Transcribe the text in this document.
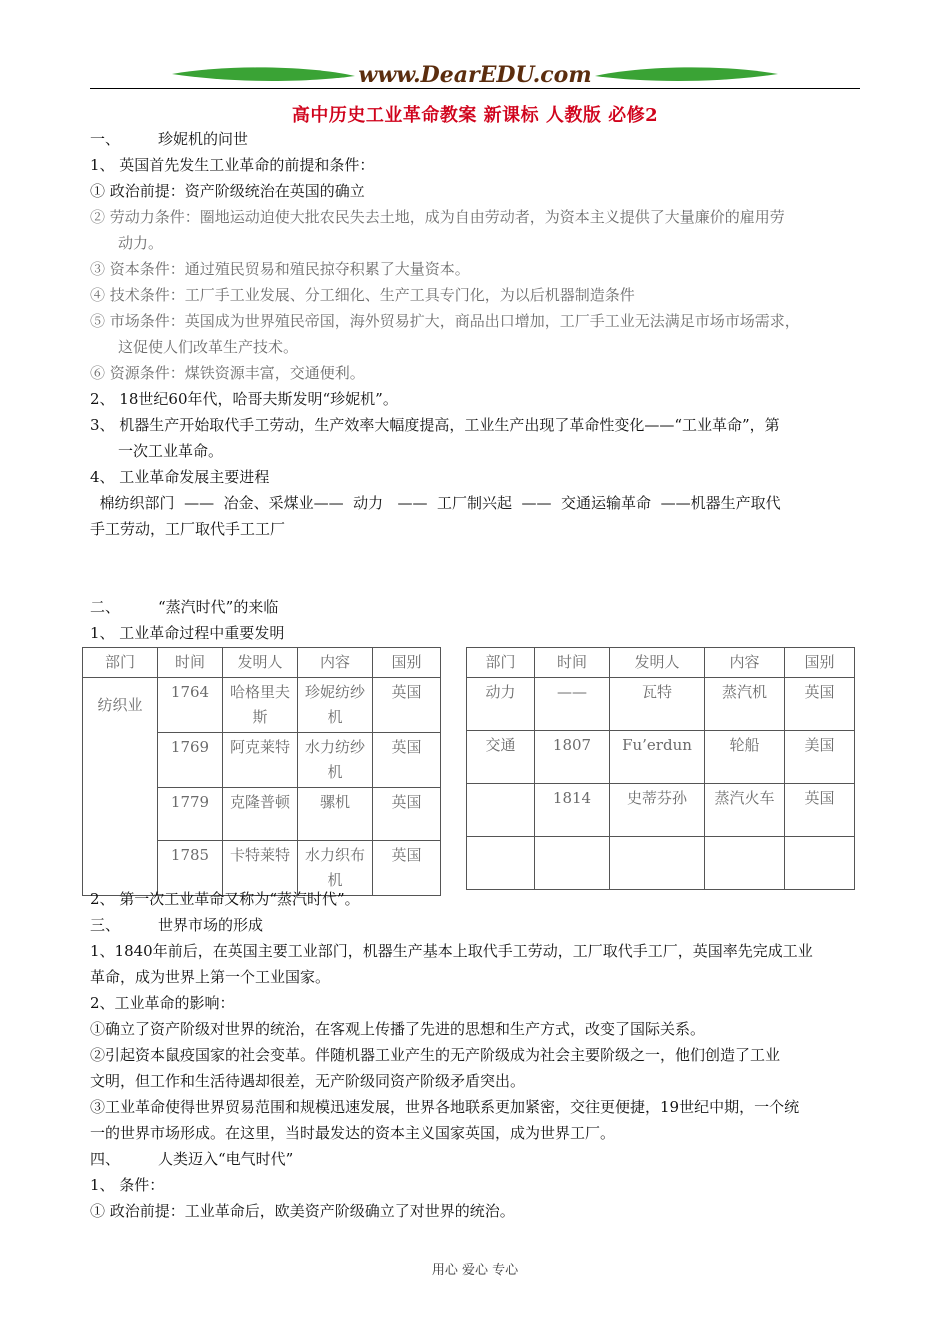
www.DearEDU.com
高中历史工业革命教案 新课标 人教版 必修2
一、	珍妮机的问世
1、 英国首先发生工业革命的前提和条件：
① 政治前提：资产阶级统治在英国的确立
② 劳动力条件：圈地运动迫使大批农民失去土地，成为自由劳动者，为资本主义提供了大量廉价的雇用劳
动力。
③ 资本条件：通过殖民贸易和殖民掠夺积累了大量资本。
④ 技术条件：工厂手工业发展、分工细化、生产工具专门化，为以后机器制造条件
⑤ 市场条件：英国成为世界殖民帝国，海外贸易扩大，商品出口增加，工厂手工业无法满足市场市场需求，
这促使人们改革生产技术。
⑥ 资源条件：煤铁资源丰富，交通便利。
2、 18世纪60年代，哈哥夫斯发明“珍妮机”。
3、 机器生产开始取代手工劳动，生产效率大幅度提高，工业生产出现了革命性变化——“工业革命”，第
一次工业革命。
4、 工业革命发展主要进程
棉纺织部门  ——  冶金、采煤业——  动力   ——  工厂制兴起  ——  交通运输革命  ——机器生产取代
手工劳动，工厂取代手工工厂
二、	“蒸汽时代”的来临
1、 工业革命过程中重要发明
部门	时间	发明人	内容	国别
纺织业	1764	哈格里夫斯	珍妮纺纱机	英国
	1769	阿克莱特	水力纺纱机	英国
	1779	克隆普顿	骡机	英国
	1785	卡特莱特	水力织布机	英国
部门	时间	发明人	内容	国别
动力	——	瓦特	蒸汽机	英国
交通	1807	Fu’erdun	轮船	美国
	1814	史蒂芬孙	蒸汽火车	英国

2、 第一次工业革命又称为“蒸汽时代”。
三、	世界市场的形成
1、1840年前后，在英国主要工业部门，机器生产基本上取代手工劳动，工厂取代手工厂，英国率先完成工业
革命，成为世界上第一个工业国家。
2、工业革命的影响：
①确立了资产阶级对世界的统治，在客观上传播了先进的思想和生产方式，改变了国际关系。
②引起资本鼠疫国家的社会变革。伴随机器工业产生的无产阶级成为社会主要阶级之一，他们创造了工业
文明，但工作和生活待遇却很差，无产阶级同资产阶级矛盾突出。
③工业革命使得世界贸易范围和规模迅速发展，世界各地联系更加紧密，交往更便捷，19世纪中期，一个统
一的世界市场形成。在这里，当时最发达的资本主义国家英国，成为世界工厂。
四、	人类迈入“电气时代”
1、 条件：
① 政治前提：工业革命后，欧美资产阶级确立了对世界的统治。
用心 爱心 专心
